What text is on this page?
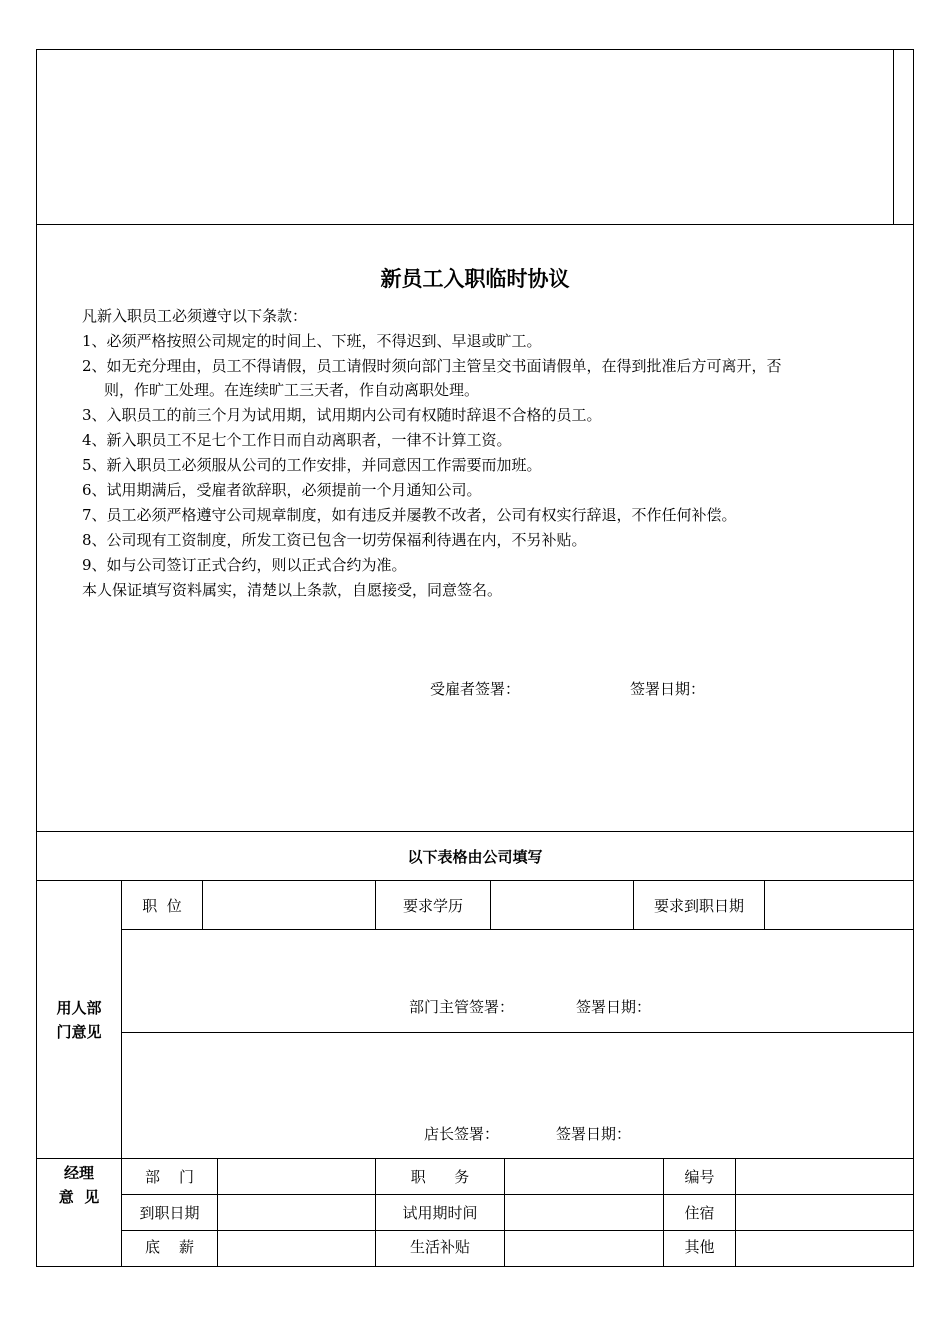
新员工入职临时协议
凡新入职员工必须遵守以下条款：
1、必须严格按照公司规定的时间上、下班，不得迟到、早退或旷工。
2、如无充分理由，员工不得请假，员工请假时须向部门主管呈交书面请假单，在得到批准后方可离开，否
则，作旷工处理。在连续旷工三天者，作自动离职处理。
3、入职员工的前三个月为试用期，试用期内公司有权随时辞退不合格的员工。
4、新入职员工不足七个工作日而自动离职者，一律不计算工资。
5、新入职员工必须服从公司的工作安排，并同意因工作需要而加班。
6、试用期满后，受雇者欲辞职，必须提前一个月通知公司。
7、员工必须严格遵守公司规章制度，如有违反并屡教不改者，公司有权实行辞退，不作任何补偿。
8、公司现有工资制度，所发工资已包含一切劳保福利待遇在内，不另补贴。
9、如与公司签订正式合约，则以正式合约为准。
本人保证填写资料属实，清楚以上条款，自愿接受，同意签名。
受雇者签署：	签署日期：
以下表格由公司填写
用人部
门意见
职  位	要求学历	要求到职日期
部门主管签署：	签署日期：
店长签署：	签署日期：
经理
意  见
部    门	职      务	编号
到职日期	试用期时间	住宿
底    薪	生活补贴	其他
